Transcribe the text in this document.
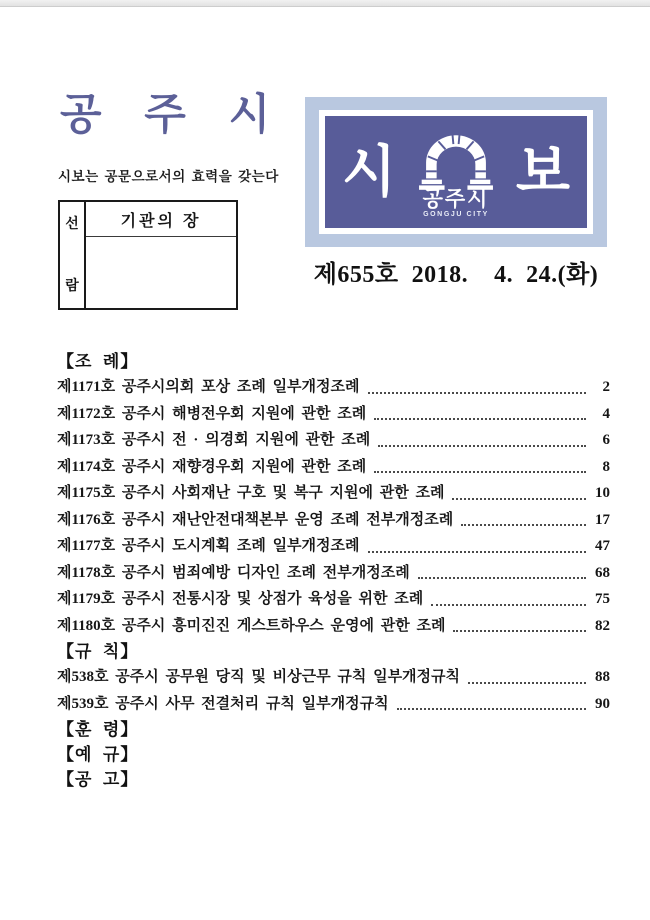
공 주 시
시보는 공문으로서의 효력을 갖는다
선
람
기관의 장
시 공주시
GONGJU CITY
보
제655호  2018.    4.  24.(화)
【조  례】
제1171호 공주시의회 포상 조례 일부개정조례	2
제1172호 공주시 해병전우회 지원에 관한 조례	4
제1173호 공주시 전 · 의경회 지원에 관한 조례	6
제1174호 공주시 재향경우회 지원에 관한 조례	8
제1175호 공주시 사회재난 구호 및 복구 지원에 관한 조례	10
제1176호 공주시 재난안전대책본부 운영 조례 전부개정조례	17
제1177호 공주시 도시계획 조례 일부개정조례	47
제1178호 공주시 범죄예방 디자인 조례 전부개정조례	68
제1179호 공주시 전통시장 및 상점가 육성을 위한 조례	75
제1180호 공주시 흥미진진 게스트하우스 운영에 관한 조례	82
【규  칙】
제538호 공주시 공무원 당직 및 비상근무 규칙 일부개정규칙	88
제539호 공주시 사무 전결처리 규칙 일부개정규칙	90
【훈  령】
【예  규】
【공  고】
